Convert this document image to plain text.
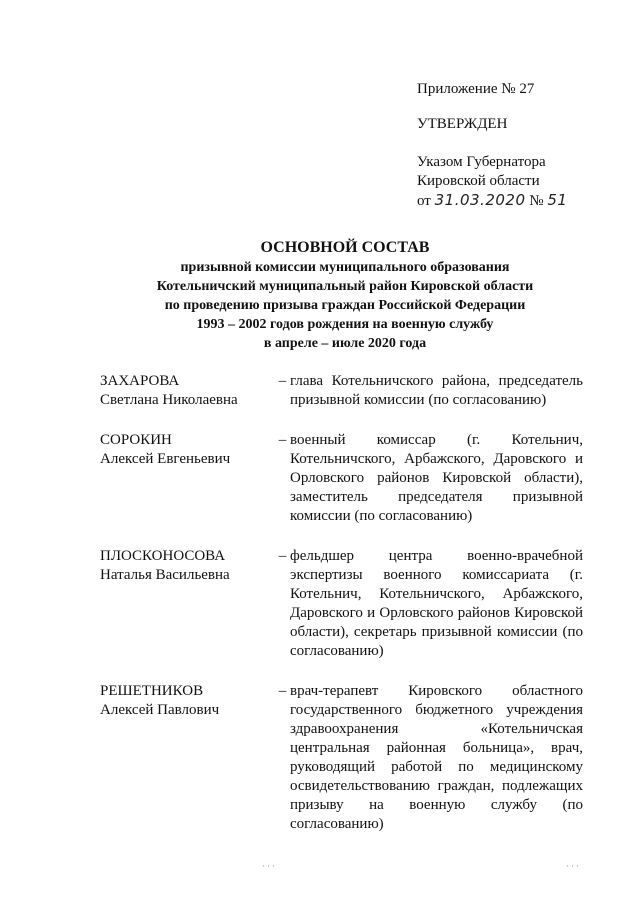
Приложение № 27
УТВЕРЖДЕН
Указом Губернатора
Кировской области
от 31.03.2020 № 51
ОСНОВНОЙ СОСТАВ
призывной комиссии муниципального образования
Котельничский муниципальный район Кировской области
по проведению призыва граждан Российской Федерации
1993 – 2002 годов рождения на военную службу
в апреле – июле 2020 года
ЗАХАРОВА
Светлана Николаевна
– глава Котельничского района, председатель призывной комиссии (по согласованию)
СОРОКИН
Алексей Евгеньевич
– военный комиссар (г. Котельнич, Котельничского, Арбажского, Даровского и Орловского районов Кировской области), заместитель председателя призывной комиссии (по согласованию)
ПЛОСКОНОСОВА
Наталья Васильевна
– фельдшер центра военно-врачебной экспертизы военного комиссариата (г. Котельнич, Котельничского, Арбажского, Даровского и Орловского районов Кировской области), секретарь призывной комиссии (по согласованию)
РЕШЕТНИКОВ
Алексей Павлович
– врач-терапевт Кировского областного государственного бюджетного учреждения здравоохранения «Котельничская центральная районная больница», врач, руководящий работой по медицинскому освидетельствованию граждан, подлежащих призыву на военную службу (по согласованию)
· · ·	· · ·
